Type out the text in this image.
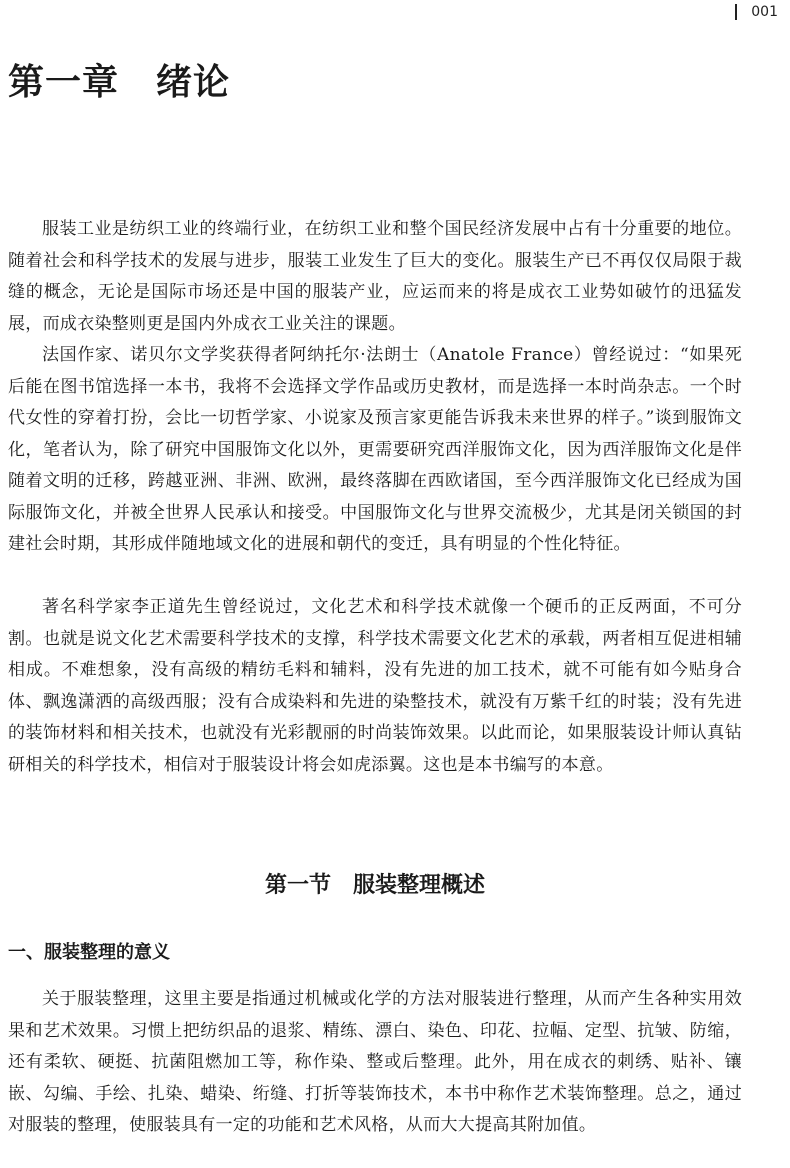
001
第一章　绪论

服装工业是纺织工业的终端行业，在纺织工业和整个国民经济发展中占有十分重要的地位。随着社会和科学技术的发展与进步，服装工业发生了巨大的变化。服装生产已不再仅仅局限于裁缝的概念，无论是国际市场还是中国的服装产业，应运而来的将是成衣工业势如破竹的迅猛发展，而成衣染整则更是国内外成衣工业关注的课题。

法国作家、诺贝尔文学奖获得者阿纳托尔·法朗士（Anatole France）曾经说过：“如果死后能在图书馆选择一本书，我将不会选择文学作品或历史教材，而是选择一本时尚杂志。一个时代女性的穿着打扮，会比一切哲学家、小说家及预言家更能告诉我未来世界的样子。”谈到服饰文化，笔者认为，除了研究中国服饰文化以外，更需要研究西洋服饰文化，因为西洋服饰文化是伴随着文明的迁移，跨越亚洲、非洲、欧洲，最终落脚在西欧诸国，至今西洋服饰文化已经成为国际服饰文化，并被全世界人民承认和接受。中国服饰文化与世界交流极少，尤其是闭关锁国的封建社会时期，其形成伴随地域文化的进展和朝代的变迁，具有明显的个性化特征。

著名科学家李正道先生曾经说过，文化艺术和科学技术就像一个硬币的正反两面，不可分割。也就是说文化艺术需要科学技术的支撑，科学技术需要文化艺术的承载，两者相互促进相辅相成。不难想象，没有高级的精纺毛料和辅料，没有先进的加工技术，就不可能有如今贴身合体、飘逸潇洒的高级西服；没有合成染料和先进的染整技术，就没有万紫千红的时装；没有先进的装饰材料和相关技术，也就没有光彩靓丽的时尚装饰效果。以此而论，如果服装设计师认真钻研相关的科学技术，相信对于服装设计将会如虎添翼。这也是本书编写的本意。

第一节　服装整理概述
一、服装整理的意义

关于服装整理，这里主要是指通过机械或化学的方法对服装进行整理，从而产生各种实用效果和艺术效果。习惯上把纺织品的退浆、精练、漂白、染色、印花、拉幅、定型、抗皱、防缩，还有柔软、硬挺、抗菌阻燃加工等，称作染、整或后整理。此外，用在成衣的刺绣、贴补、镶嵌、勾编、手绘、扎染、蜡染、绗缝、打折等装饰技术，本书中称作艺术装饰整理。总之，通过对服装的整理，使服装具有一定的功能和艺术风格，从而大大提高其附加值。
